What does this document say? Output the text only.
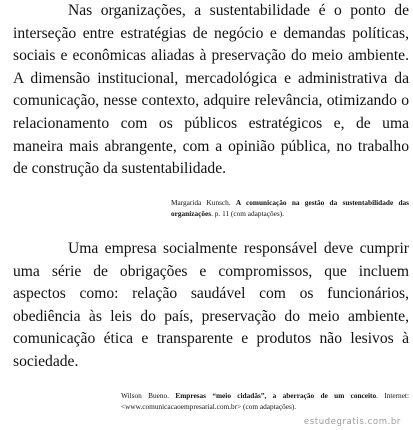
Nas organizações, a sustentabilidade é o ponto de interseção entre estratégias de negócio e demandas políticas, sociais e econômicas aliadas à preservação do meio ambiente. A dimensão institucional, mercadológica e administrativa da comunicação, nesse contexto, adquire relevância, otimizando o relacionamento com os públicos estratégicos e, de uma maneira mais abrangente, com a opinião pública, no trabalho de construção da sustentabilidade.

Margarida Kunsch. A comunicação na gestão da sustentabilidade das organizações. p. 11 (com adaptações).

Uma empresa socialmente responsável deve cumprir uma série de obrigações e compromissos, que incluem aspectos como: relação saudável com os funcionários, obediência às leis do país, preservação do meio ambiente, comunicação ética e transparente e produtos não lesivos à sociedade.

Wilson Bueno. Empresas “meio cidadãs”, a aberração de um conceito. Internet: <www.comunicacaoempresarial.com.br> (com adaptações).

estudegratis.com.br
